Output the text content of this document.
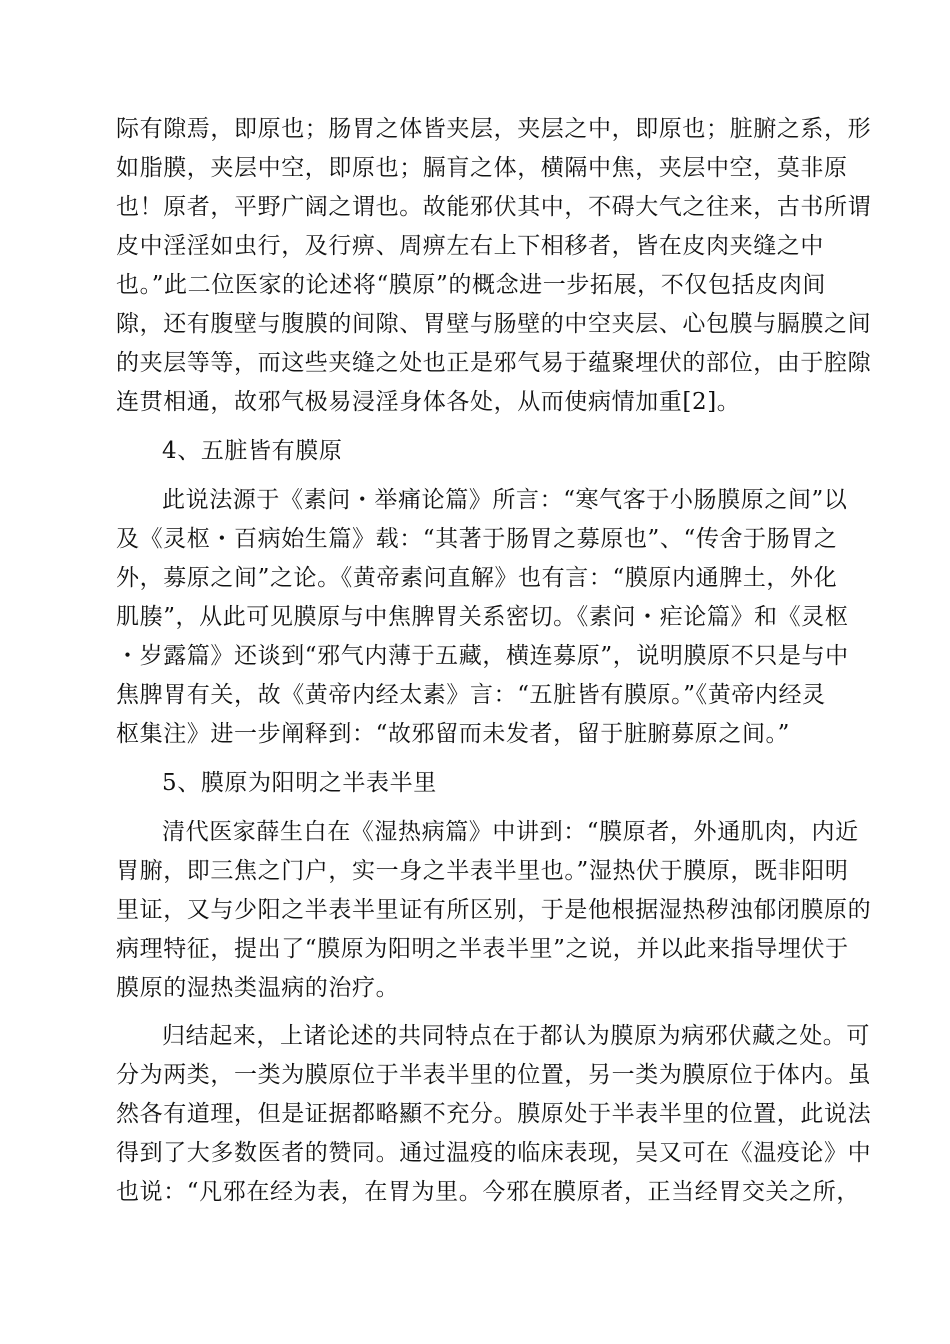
际有隙焉，即原也；肠胃之体皆夹层，夹层之中，即原也；脏腑之系，形
如脂膜，夹层中空，即原也；膈肓之体，横隔中焦，夹层中空，莫非原
也！原者，平野广阔之谓也。故能邪伏其中，不碍大气之往来，古书所谓
皮中淫淫如虫行，及行痹、周痹左右上下相移者，皆在皮肉夹缝之中
也。”此二位医家的论述将“膜原”的概念进一步拓展，不仅包括皮肉间
隙，还有腹壁与腹膜的间隙、胃壁与肠壁的中空夹层、心包膜与膈膜之间
的夹层等等，而这些夹缝之处也正是邪气易于蕴聚埋伏的部位，由于腔隙
连贯相通，故邪气极易浸淫身体各处，从而使病情加重[2]。
4、五脏皆有膜原
此说法源于《素问・举痛论篇》所言：“寒气客于小肠膜原之间”以
及《灵枢・百病始生篇》载：“其著于肠胃之募原也”、“传舍于肠胃之
外，募原之间”之论。《黄帝素问直解》也有言：“膜原内通脾土，外化
肌腠”，从此可见膜原与中焦脾胃关系密切。《素问・疟论篇》和《灵枢
・岁露篇》还谈到“邪气内薄于五藏，横连募原”，说明膜原不只是与中
焦脾胃有关，故《黄帝内经太素》言：“五脏皆有膜原。”《黄帝内经灵
枢集注》进一步阐释到：“故邪留而未发者，留于脏腑募原之间。”
5、膜原为阳明之半表半里
清代医家薛生白在《湿热病篇》中讲到：“膜原者，外通肌肉，内近
胃腑，即三焦之门户，实一身之半表半里也。”湿热伏于膜原，既非阳明
里证，又与少阳之半表半里证有所区别，于是他根据湿热秽浊郁闭膜原的
病理特征，提出了“膜原为阳明之半表半里”之说，并以此来指导埋伏于
膜原的湿热类温病的治疗。
归结起来，上诸论述的共同特点在于都认为膜原为病邪伏藏之处。可
分为两类，一类为膜原位于半表半里的位置，另一类为膜原位于体内。虽
然各有道理，但是证据都略顯不充分。膜原处于半表半里的位置，此说法
得到了大多数医者的赞同。通过温疫的临床表现，吴又可在《温疫论》中
也说：“凡邪在经为表，在胃为里。今邪在膜原者，正当经胃交关之所，
